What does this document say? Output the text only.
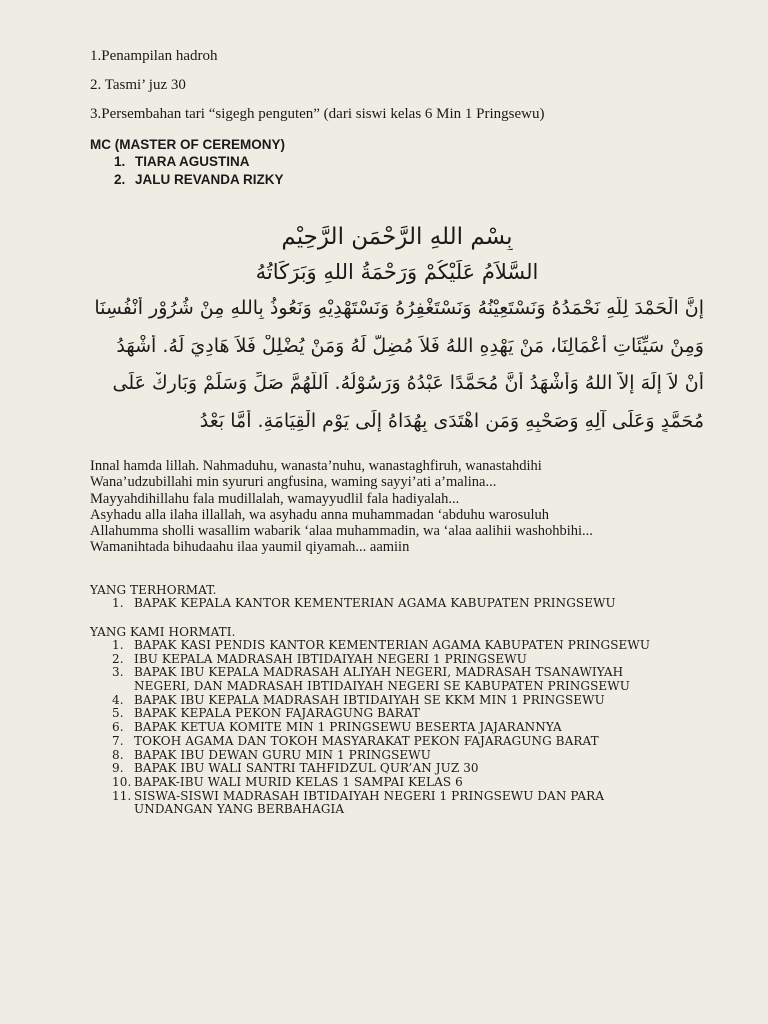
1.Penampilan hadroh
2. Tasmi’ juz 30
3.Persembahan tari “sigegh penguten” (dari siswi kelas 6 Min 1 Pringsewu)
MC (MASTER OF CEREMONY)
1. TIARA AGUSTINA
2. JALU REVANDA RIZKY
بِسْمِ اللهِ الرَّحْمَنِ الرَّحِيْمِ
السَّلاَمُ عَلَيْكُمْ وَرَحْمَةُ اللهِ وَبَرَكَاتُهُ
إِنَّ الْحَمْدَ لِلَّهِ نَحْمَدُهُ وَنَسْتَعِيْنُهُ وَنَسْتَغْفِرُهُ وَنَسْتَهْدِيْهِ وَنَعُوذُ بِاللهِ مِنْ شُرُوْرِ أَنْفُسِنَا
وَمِنْ سَيِّئَاتِ أَعْمَالِنَا، مَنْ يَهْدِهِ اللهُ فَلاَ مُضِلَّ لَهُ وَمَنْ يُضْلِلْ فَلاَ هَادِيَ لَهُ. أَشْهَدُ
أَنْ لاَ إِلَهَ إِلاَّ اللهُ وَأَشْهَدُ أَنَّ مُحَمَّدًا عَبْدُهُ وَرَسُوْلُهُ. اَللَّهُمَّ صَلِّ وَسَلِّمْ وَبَارِكْ عَلَى
مُحَمَّدٍ وَعَلَى آلِهِ وَصَحْبِهِ وَمَنِ اهْتَدَى بِهُدَاهُ إِلَى يَوْمِ الْقِيَامَةِ. أَمَّا بَعْدُ
Innal hamda lillah. Nahmaduhu, wanasta’nuhu, wanastaghfiruh, wanastahdihi
Wana’udzubillahi min syururi angfusina, waming sayyi’ati a’malina...
Mayyahdihillahu fala mudillalah, wamayyudlil fala hadiyalah...
Asyhadu alla ilaha illallah, wa asyhadu anna muhammadan ‘abduhu warosuluh
Allahumma sholli wasallim wabarik ‘alaa muhammadin, wa ‘alaa aalihii washohbihi...
Wamanihtada bihudaahu ilaa yaumil qiyamah... aamiin
YANG TERHORMAT.
1. BAPAK KEPALA KANTOR KEMENTERIAN AGAMA KABUPATEN PRINGSEWU
YANG KAMI HORMATI.
1. BAPAK KASI PENDIS KANTOR KEMENTERIAN AGAMA KABUPATEN PRINGSEWU
2. IBU KEPALA MADRASAH IBTIDAIYAH NEGERI 1 PRINGSEWU
3. BAPAK IBU KEPALA MADRASAH ALIYAH NEGERI, MADRASAH TSANAWIYAH
NEGERI, DAN MADRASAH IBTIDAIYAH NEGERI SE KABUPATEN PRINGSEWU
4. BAPAK IBU KEPALA MADRASAH IBTIDAIYAH SE KKM MIN 1 PRINGSEWU
5. BAPAK KEPALA PEKON FAJARAGUNG BARAT
6. BAPAK KETUA KOMITE MIN 1 PRINGSEWU BESERTA JAJARANNYA
7. TOKOH AGAMA DAN TOKOH MASYARAKAT PEKON FAJARAGUNG BARAT
8. BAPAK IBU DEWAN GURU MIN 1 PRINGSEWU
9. BAPAK IBU WALI SANTRI TAHFIDZUL QUR’AN JUZ 30
10. BAPAK-IBU WALI MURID KELAS 1 SAMPAI KELAS 6
11. SISWA-SISWI MADRASAH IBTIDAIYAH NEGERI 1 PRINGSEWU DAN PARA
UNDANGAN YANG BERBAHAGIA
